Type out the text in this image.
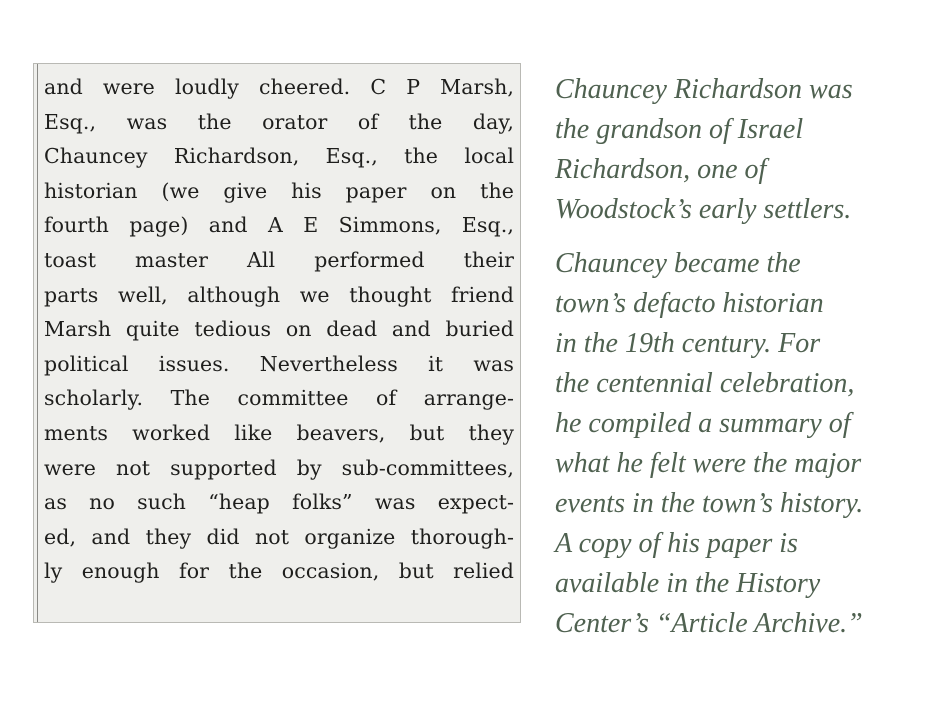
and were loudly cheered. C P Marsh,
Esq., was the orator of the day,
Chauncey Richardson, Esq., the local
historian (we give his paper on the
fourth page) and A E Simmons, Esq.,
toast master All performed their
parts well, although we thought friend
Marsh quite tedious on dead and buried
political issues. Nevertheless it was
scholarly. The committee of arrange-
ments worked like beavers, but they
were not supported by sub-committees,
as no such “heap folks” was expect-
ed, and they did not organize thorough-
ly enough for the occasion, but relied

Chauncey Richardson was

the grandson of Israel

Richardson, one of

Woodstock’s early settlers.

Chauncey became the

town’s defacto historian

in the 19th century. For

the centennial celebration,

he compiled a summary of

what he felt were the major

events in the town’s history.

A copy of his paper is

available in the History

Center’s “Article Archive.”
